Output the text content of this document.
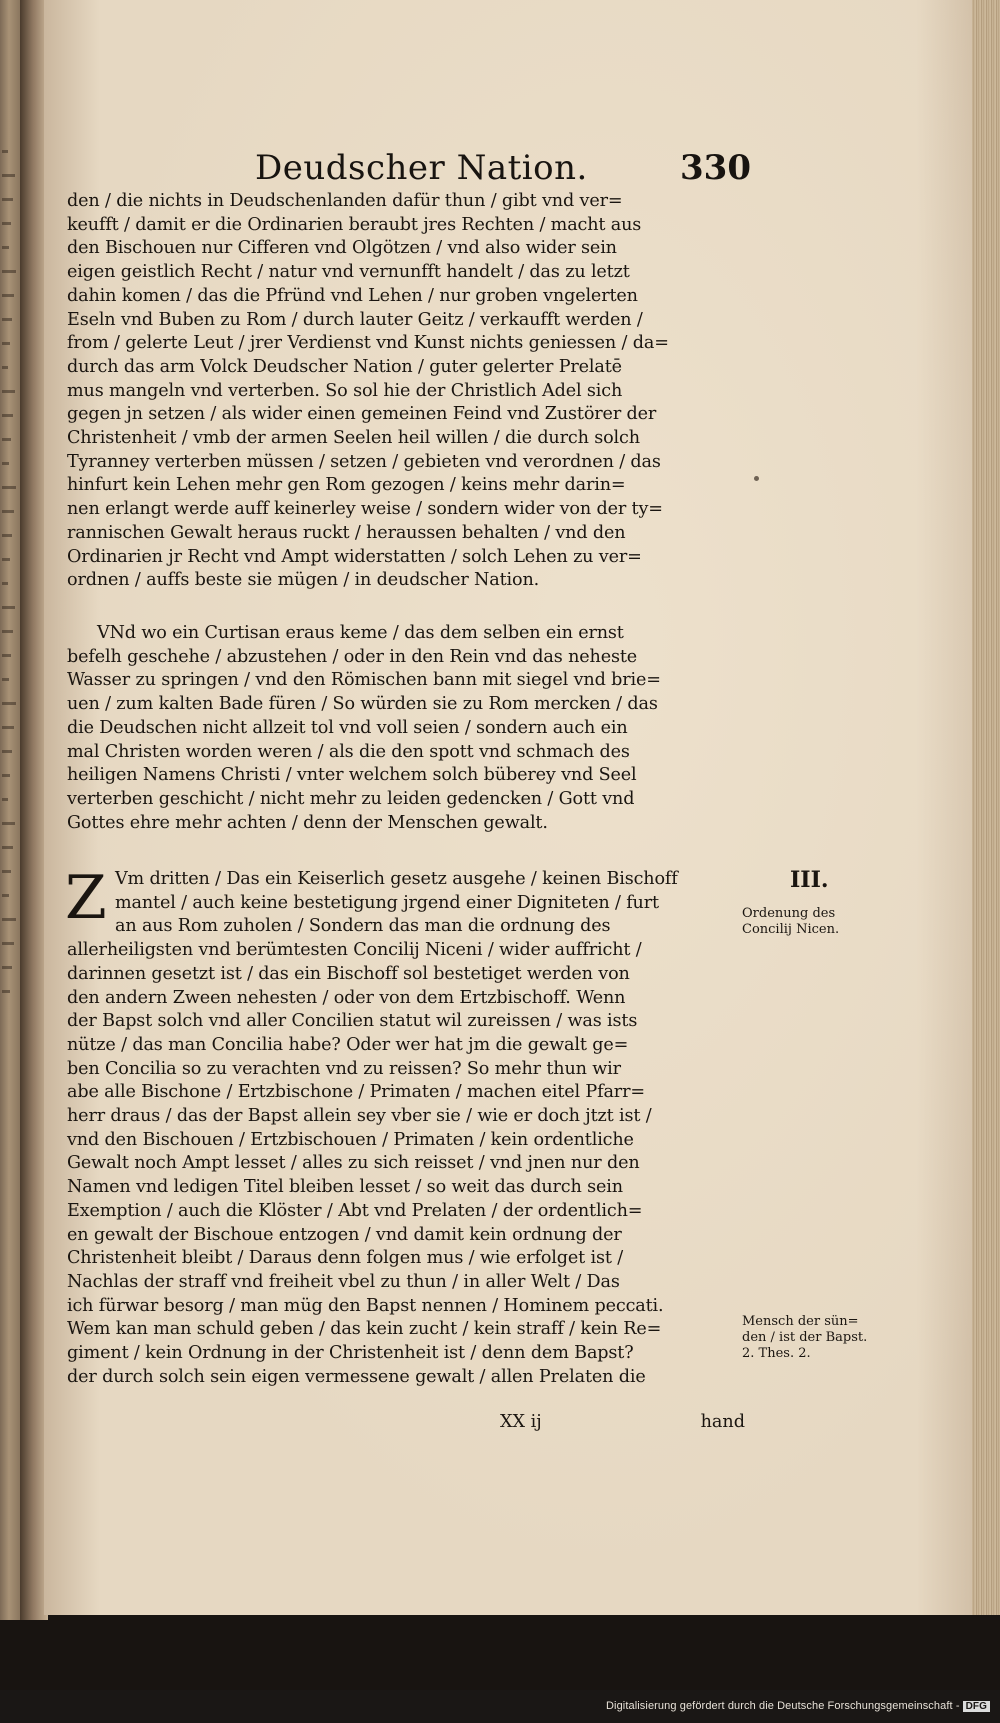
Deudscher Nation.	330
den / die nichts in Deudschenlanden dafür thun / gibt vnd ver=
keufft / damit er die Ordinarien beraubt jres Rechten / macht aus
den Bischouen nur Cifferen vnd Olgötzen / vnd also wider sein
eigen geistlich Recht / natur vnd vernunfft handelt / das zu letzt
dahin komen / das die Pfründ vnd Lehen / nur groben vngelerten
Eseln vnd Buben zu Rom / durch lauter Geitz / verkaufft werden /
from / gelerte Leut / jrer Verdienst vnd Kunst nichts geniessen / da=
durch das arm Volck Deudscher Nation / guter gelerter Prelatē
mus mangeln vnd verterben. So sol hie der Christlich Adel sich
gegen jn setzen / als wider einen gemeinen Feind vnd Zustörer der
Christenheit / vmb der armen Seelen heil willen / die durch solch
Tyranney verterben müssen / setzen / gebieten vnd verordnen / das
hinfurt kein Lehen mehr gen Rom gezogen / keins mehr darin=
nen erlangt werde auff keinerley weise / sondern wider von der ty=
rannischen Gewalt heraus ruckt / heraussen behalten / vnd den
Ordinarien jr Recht vnd Ampt widerstatten / solch Lehen zu ver=
ordnen / auffs beste sie mügen / in deudscher Nation.
VNd wo ein Curtisan eraus keme / das dem selben ein ernst
befelh geschehe / abzustehen / oder in den Rein vnd das neheste
Wasser zu springen / vnd den Römischen bann mit siegel vnd brie=
uen / zum kalten Bade füren / So würden sie zu Rom mercken / das
die Deudschen nicht allzeit tol vnd voll seien / sondern auch ein
mal Christen worden weren / als die den spott vnd schmach des
heiligen Namens Christi / vnter welchem solch büberey vnd Seel
verterben geschicht / nicht mehr zu leiden gedencken / Gott vnd
Gottes ehre mehr achten / denn der Menschen gewalt.
Z Vm dritten / Das ein Keiserlich gesetz ausgehe / keinen Bischoff
mantel / auch keine bestetigung jrgend einer Digniteten / furt
an aus Rom zuholen / Sondern das man die ordnung des
allerheiligsten vnd berümtesten Concilij Niceni / wider auffricht /
darinnen gesetzt ist / das ein Bischoff sol bestetiget werden von
den andern Zween nehesten / oder von dem Ertzbischoff. Wenn
der Bapst solch vnd aller Concilien statut wil zureissen / was ists
nütze / das man Concilia habe? Oder wer hat jm die gewalt ge=
ben Concilia so zu verachten vnd zu reissen? So mehr thun wir
abe alle Bischone / Ertzbischone / Primaten / machen eitel Pfarr=
herr draus / das der Bapst allein sey vber sie / wie er doch jtzt ist /
vnd den Bischouen / Ertzbischouen / Primaten / kein ordentliche
Gewalt noch Ampt lesset / alles zu sich reisset / vnd jnen nur den
Namen vnd ledigen Titel bleiben lesset / so weit das durch sein
Exemption / auch die Klöster / Abt vnd Prelaten / der ordentlich=
en gewalt der Bischoue entzogen / vnd damit kein ordnung der
Christenheit bleibt / Daraus denn folgen mus / wie erfolget ist /
Nachlas der straff vnd freiheit vbel zu thun / in aller Welt / Das
ich fürwar besorg / man müg den Bapst nennen / Hominem peccati.
Wem kan man schuld geben / das kein zucht / kein straff / kein Re=
giment / kein Ordnung in der Christenheit ist / denn dem Bapst?
der durch solch sein eigen vermessene gewalt / allen Prelaten die
XX ij	hand
III.
Ordenung des Concilij Nicen.
Mensch der sün= den / ist der Bapst. 2. Thes. 2.
Digitalisierung gefördert durch die Deutsche Forschungsgemeinschaft - DFG
